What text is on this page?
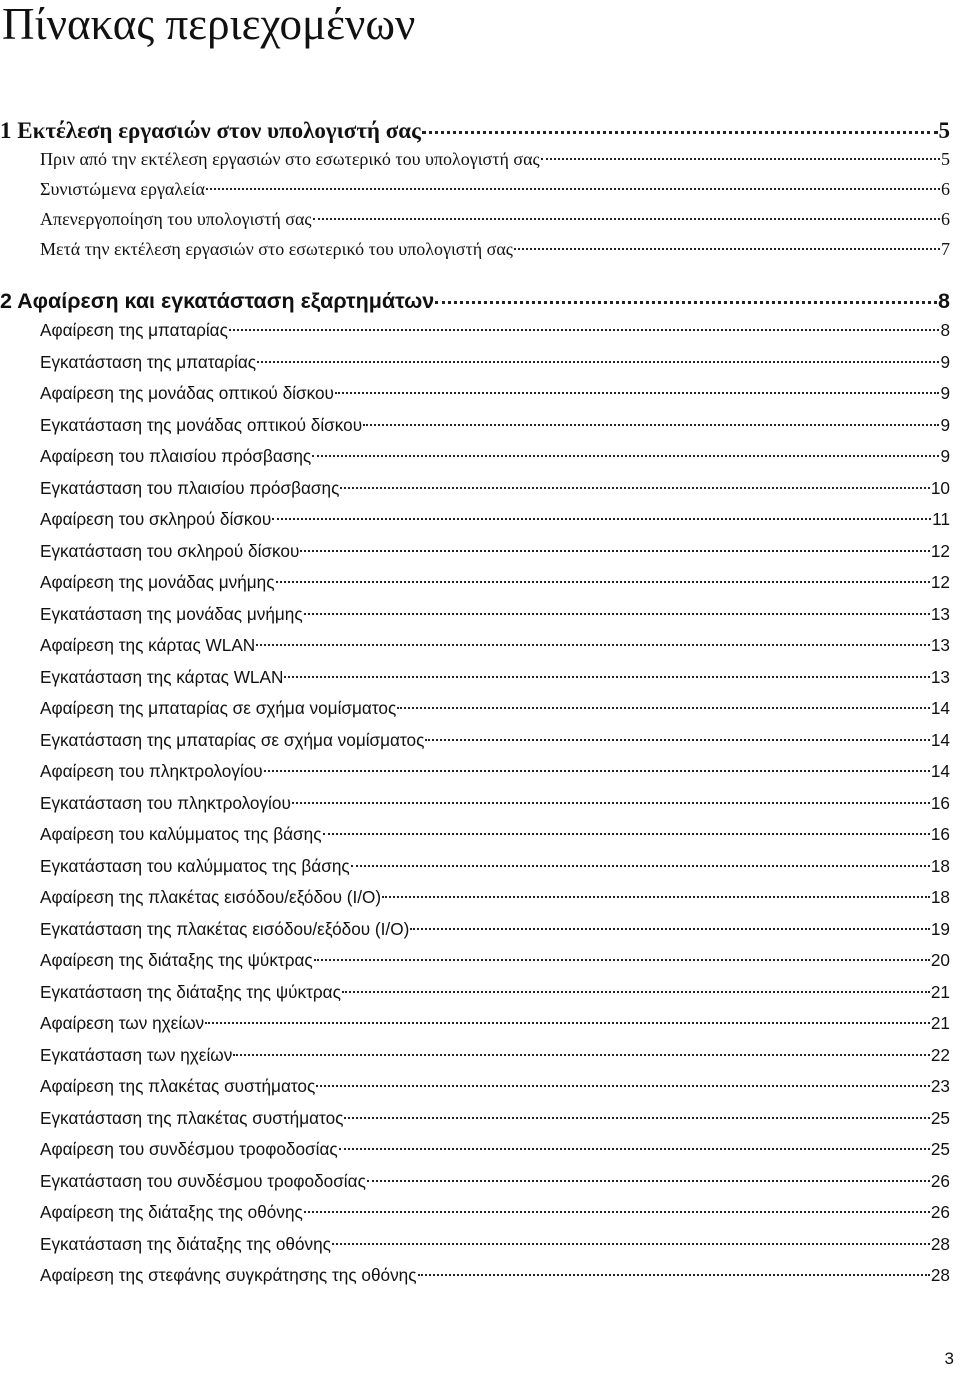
Πίνακας περιεχομένων
1 Εκτέλεση εργασιών στον υπολογιστή σας	5
Πριν από την εκτέλεση εργασιών στο εσωτερικό του υπολογιστή σας	5
Συνιστώμενα εργαλεία	6
Απενεργοποίηση του υπολογιστή σας	6
Μετά την εκτέλεση εργασιών στο εσωτερικό του υπολογιστή σας	7
2 Αφαίρεση και εγκατάσταση εξαρτημάτων	8
Αφαίρεση της μπαταρίας	8
Εγκατάσταση της μπαταρίας	9
Αφαίρεση της μονάδας οπτικού δίσκου	9
Εγκατάσταση της μονάδας οπτικού δίσκου	9
Αφαίρεση του πλαισίου πρόσβασης	9
Εγκατάσταση του πλαισίου πρόσβασης	10
Αφαίρεση του σκληρού δίσκου	11
Εγκατάσταση του σκληρού δίσκου	12
Αφαίρεση της μονάδας μνήμης	12
Εγκατάσταση της μονάδας μνήμης	13
Αφαίρεση της κάρτας WLAN	13
Εγκατάσταση της κάρτας WLAN	13
Αφαίρεση της μπαταρίας σε σχήμα νομίσματος	14
Εγκατάσταση της μπαταρίας σε σχήμα νομίσματος	14
Αφαίρεση του πληκτρολογίου	14
Εγκατάσταση του πληκτρολογίου	16
Αφαίρεση του καλύμματος της βάσης	16
Εγκατάσταση του καλύμματος της βάσης	18
Αφαίρεση της πλακέτας εισόδου/εξόδου (I/O)	18
Εγκατάσταση της πλακέτας εισόδου/εξόδου (I/O)	19
Αφαίρεση της διάταξης της ψύκτρας	20
Εγκατάσταση της διάταξης της ψύκτρας	21
Αφαίρεση των ηχείων	21
Εγκατάσταση των ηχείων	22
Αφαίρεση της πλακέτας συστήματος	23
Εγκατάσταση της πλακέτας συστήματος	25
Αφαίρεση του συνδέσμου τροφοδοσίας	25
Εγκατάσταση του συνδέσμου τροφοδοσίας	26
Αφαίρεση της διάταξης της οθόνης	26
Εγκατάσταση της διάταξης της οθόνης	28
Αφαίρεση της στεφάνης συγκράτησης της οθόνης	28
3
